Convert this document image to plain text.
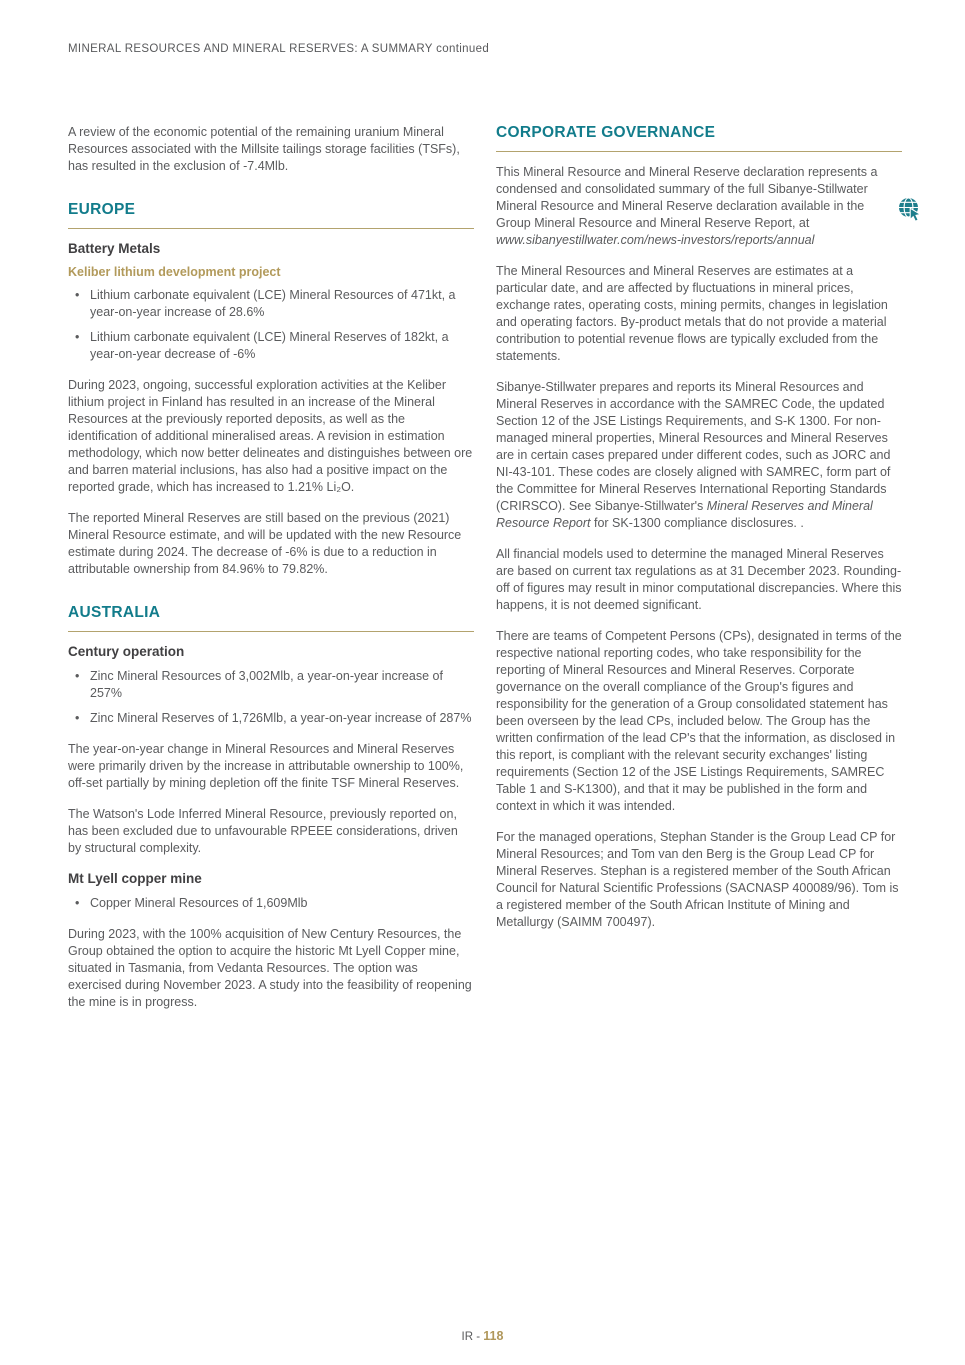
MINERAL RESOURCES AND MINERAL RESERVES: A SUMMARY continued

A review of the economic potential of the remaining uranium Mineral Resources associated with the Millsite tailings storage facilities (TSFs), has resulted in the exclusion of -7.4Mlb.

EUROPE
Battery Metals
Keliber lithium development project
• Lithium carbonate equivalent (LCE) Mineral Resources of 471kt, a year-on-year increase of 28.6%
• Lithium carbonate equivalent (LCE) Mineral Reserves of 182kt, a year-on-year decrease of -6%

During 2023, ongoing, successful exploration activities at the Keliber lithium project in Finland has resulted in an increase of the Mineral Resources at the previously reported deposits, as well as the identification of additional mineralised areas. A revision in estimation methodology, which now better delineates and distinguishes between ore and barren material inclusions, has also had a positive impact on the reported grade, which has increased to 1.21% Li₂O.

The reported Mineral Reserves are still based on the previous (2021) Mineral Resource estimate, and will be updated with the new Resource estimate during 2024. The decrease of -6% is due to a reduction in attributable ownership from 84.96% to 79.82%.

AUSTRALIA
Century operation
• Zinc Mineral Resources of 3,002Mlb, a year-on-year increase of 257%
• Zinc Mineral Reserves of 1,726Mlb, a year-on-year increase of 287%

The year-on-year change in Mineral Resources and Mineral Reserves were primarily driven by the increase in attributable ownership to 100%, off-set partially by mining depletion off the finite TSF Mineral Reserves.

The Watson's Lode Inferred Mineral Resource, previously reported on, has been excluded due to unfavourable RPEEE considerations, driven by structural complexity.

Mt Lyell copper mine
• Copper Mineral Resources of 1,609Mlb

During 2023, with the 100% acquisition of New Century Resources, the Group obtained the option to acquire the historic Mt Lyell Copper mine, situated in Tasmania, from Vedanta Resources. The option was exercised during November 2023. A study into the feasibility of reopening the mine is in progress.

CORPORATE GOVERNANCE

This Mineral Resource and Mineral Reserve declaration represents a condensed and consolidated summary of the full Sibanye-Stillwater Mineral Resource and Mineral Reserve declaration available in the Group Mineral Resource and Mineral Reserve Report, at www.sibanyestillwater.com/news-investors/reports/annual

The Mineral Resources and Mineral Reserves are estimates at a particular date, and are affected by fluctuations in mineral prices, exchange rates, operating costs, mining permits, changes in legislation and operating factors. By-product metals that do not provide a material contribution to potential revenue flows are typically excluded from the statements.

Sibanye-Stillwater prepares and reports its Mineral Resources and Mineral Reserves in accordance with the SAMREC Code, the updated Section 12 of the JSE Listings Requirements, and S-K 1300. For non-managed mineral properties, Mineral Resources and Mineral Reserves are in certain cases prepared under different codes, such as JORC and NI-43-101. These codes are closely aligned with SAMREC, form part of the Committee for Mineral Reserves International Reporting Standards (CRIRSCO). See Sibanye-Stillwater's Mineral Reserves and Mineral Resource Report for SK-1300 compliance disclosures. .

All financial models used to determine the managed Mineral Reserves are based on current tax regulations as at 31 December 2023. Rounding-off of figures may result in minor computational discrepancies. Where this happens, it is not deemed significant.

There are teams of Competent Persons (CPs), designated in terms of the respective national reporting codes, who take responsibility for the reporting of Mineral Resources and Mineral Reserves. Corporate governance on the overall compliance of the Group's figures and responsibility for the generation of a Group consolidated statement has been overseen by the lead CPs, included below. The Group has the written confirmation of the lead CP's that the information, as disclosed in this report, is compliant with the relevant security exchanges' listing requirements (Section 12 of the JSE Listings Requirements, SAMREC Table 1 and S-K1300), and that it may be published in the form and context in which it was intended.

For the managed operations, Stephan Stander is the Group Lead CP for Mineral Resources; and Tom van den Berg is the Group Lead CP for Mineral Reserves. Stephan is a registered member of the South African Council for Natural Scientific Professions (SACNASP 400089/96). Tom is a registered member of the South African Institute of Mining and Metallurgy (SAIMM 700497).

IR - 118
